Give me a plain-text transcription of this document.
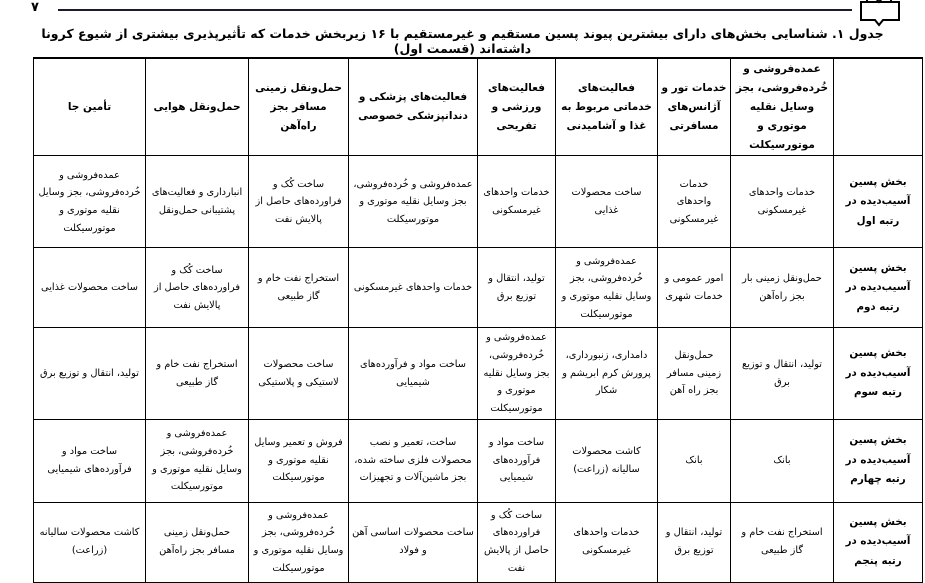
۷
جدول ۱. شناسایی بخش‌های دارای بیشترین پیوند پسین مستقیم و غیرمستقیم با ۱۶ زیربخش خدمات که تأثیرپذیری بیشتری از شیوع کرونا داشته‌اند (قسمت اول)
	عمده‌فروشی و خُرده‌فروشی، بجز وسایل نقلیه موتوری و موتورسیکلت	خدمات تور و آژانس‌های مسافرتی	فعالیت‌های خدماتی مربوط به غذا و آشامیدنی	فعالیت‌های ورزشی و تفریحی	فعالیت‌های پزشکی و دندانپزشکی خصوصی	حمل‌ونقل زمینی مسافر بجز راه‌آهن	حمل‌ونقل هوایی	تأمین جا
بخش پسین آسیب‌دیده در رتبه اول	خدمات واحدهای غیرمسکونی	خدمات واحدهای غیرمسکونی	ساخت محصولات غذایی	خدمات واحدهای غیرمسکونی	عمده‌فروشی و خُرده‌فروشی، بجز وسایل نقلیه موتوری و موتورسیکلت	ساخت کُک و فراورده‌های حاصل از پالایش نفت	انبارداری و فعالیت‌های پشتیبانی حمل‌ونقل	عمده‌فروشی و خُرده‌فروشی، بجز وسایل نقلیه موتوری و موتورسیکلت
بخش پسین آسیب‌دیده در رتبه دوم	حمل‌ونقل زمینی بار بجز راه‌آهن	امور عمومی و خدمات شهری	عمده‌فروشی و خُرده‌فروشی، بجز وسایل نقلیه موتوری و موتورسیکلت	تولید، انتقال و توزیع برق	خدمات واحدهای غیرمسکونی	استخراج نفت خام و گاز طبیعی	ساخت کُک و فراورده‌های حاصل از پالایش نفت	ساخت محصولات غذایی
بخش پسین آسیب‌دیده در رتبه سوم	تولید، انتقال و توزیع برق	حمل‌ونقل زمینی مسافر بجز راه آهن	دامداری، زنبورداری، پرورش کرم ابریشم و شکار	عمده‌فروشی و خُرده‌فروشی، بجز وسایل نقلیه موتوری و موتورسیکلت	ساخت مواد و فرآورده‌های شیمیایی	ساخت محصولات لاستیکی و پلاستیکی	استخراج نفت خام و گاز طبیعی	تولید، انتقال و توزیع برق
بخش پسین آسیب‌دیده در رتبه چهارم	بانک	بانک	کاشت محصولات سالیانه (زراعت)	ساخت مواد و فرآورده‌های شیمیایی	ساخت، تعمیر و نصب محصولات فلزی ساخته شده، بجز ماشین‌آلات و تجهیزات	فروش و تعمیر وسایل نقلیه موتوری و موتورسیکلت	عمده‌فروشی و خُرده‌فروشی، بجز وسایل نقلیه موتوری و موتورسیکلت	ساخت مواد و فرآورده‌های شیمیایی
بخش پسین آسیب‌دیده در رتبه پنجم	استخراج نفت خام و گاز طبیعی	تولید، انتقال و توزیع برق	خدمات واحدهای غیرمسکونی	ساخت کُک و فراورده‌های حاصل از پالایش نفت	ساخت محصولات اساسی آهن و فولاد	عمده‌فروشی و خُرده‌فروشی، بجز وسایل نقلیه موتوری و موتورسیکلت	حمل‌ونقل زمینی مسافر بجز راه‌آهن	کاشت محصولات سالیانه (زراعت)
